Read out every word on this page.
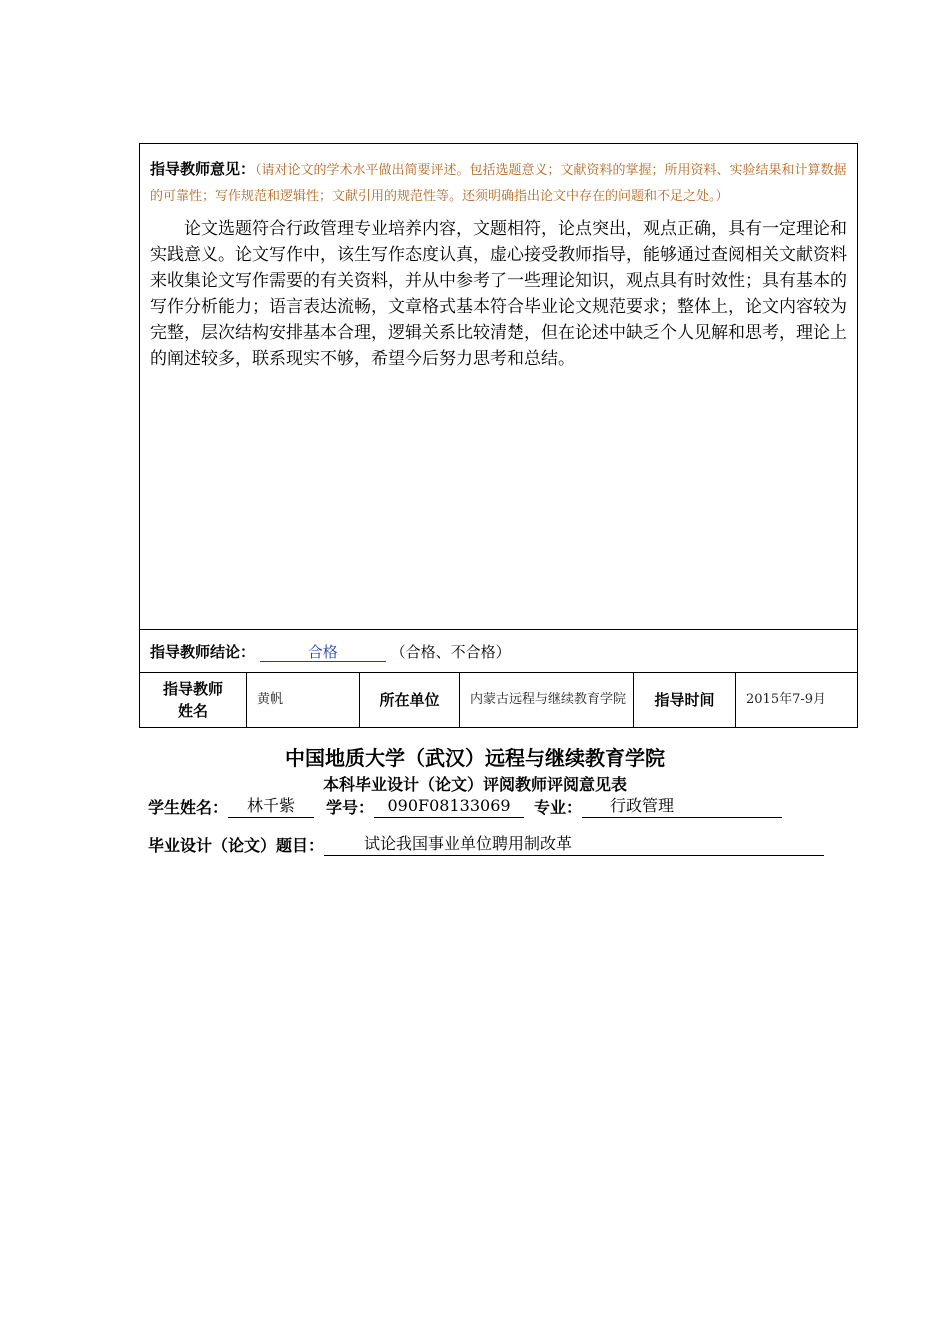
指导教师意见：（请对论文的学术水平做出简要评述。包括选题意义；文献资料的掌握；所用资料、实验结果和计算数据的可靠性；写作规范和逻辑性；文献引用的规范性等。还须明确指出论文中存在的问题和不足之处。）

论文选题符合行政管理专业培养内容，文题相符，论点突出，观点正确，具有一定理论和实践意义。论文写作中，该生写作态度认真，虚心接受教师指导，能够通过查阅相关文献资料来收集论文写作需要的有关资料，并从中参考了一些理论知识，观点具有时效性；具有基本的写作分析能力；语言表达流畅，文章格式基本符合毕业论文规范要求；整体上，论文内容较为完整，层次结构安排基本合理，逻辑关系比较清楚，但在论述中缺乏个人见解和思考，理论上的阐述较多，联系现实不够，希望今后努力思考和总结。

指导教师结论：	合格	（合格、不合格）
指导教师姓名	黄帆	所在单位	内蒙古远程与继续教育学院	指导时间	2015年7-9月
中国地质大学（武汉）远程与继续教育学院
本科毕业设计（论文）评阅教师评阅意见表
学生姓名：	林千紫	学号： 090F08133069	专业：	行政管理
毕业设计（论文）题目：	试论我国事业单位聘用制改革
